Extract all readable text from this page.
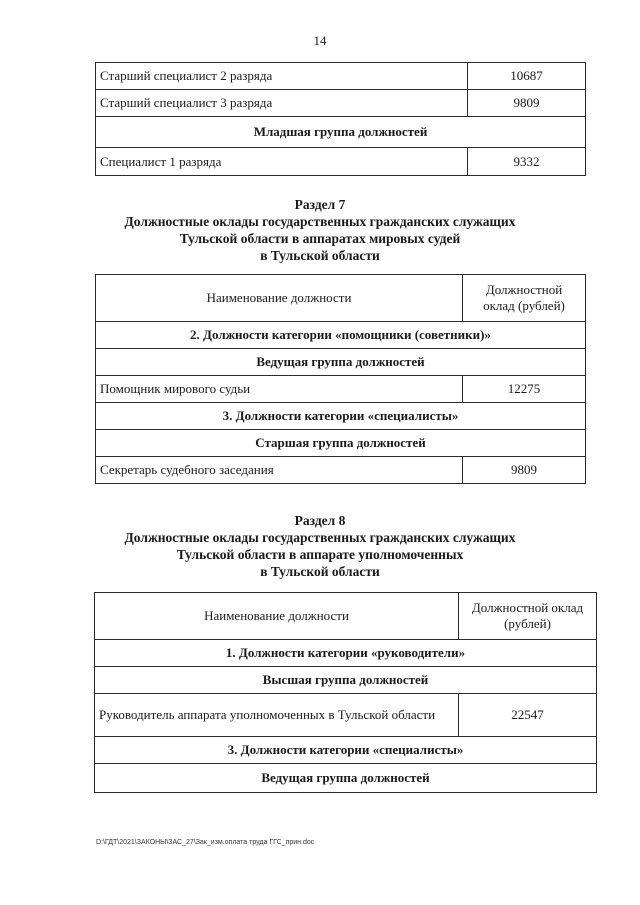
14
Старший специалист 2 разряда	10687
Старший специалист 3 разряда	9809
Младшая группа должностей	
Специалист 1 разряда	9332
Раздел 7
Должностные оклады государственных гражданских служащих
Тульской области в аппаратах мировых судей
в Тульской области
Наименование должности	Должностной
оклад (рублей)

2. Должности категории «помощники (советники)»	
Ведущая группа должностей	
Помощник мирового судьи	12275
3. Должности категории «специалисты»	
Старшая группа должностей	
Секретарь судебного заседания	9809
Раздел 8
Должностные оклады государственных гражданских служащих
Тульской области в аппарате уполномоченных
в Тульской области
Наименование должности	Должностной оклад
(рублей)

1. Должности категории «руководители»	
Высшая группа должностей	
Руководитель аппарата уполномоченных в Тульской области	22547
3. Должности категории «специалисты»	
Ведущая группа должностей	
D:\ГДТ\2021\ЗАКОНЫ\ЗАС_27\Зак_изм.оплата труда ГГС_прин.doc
